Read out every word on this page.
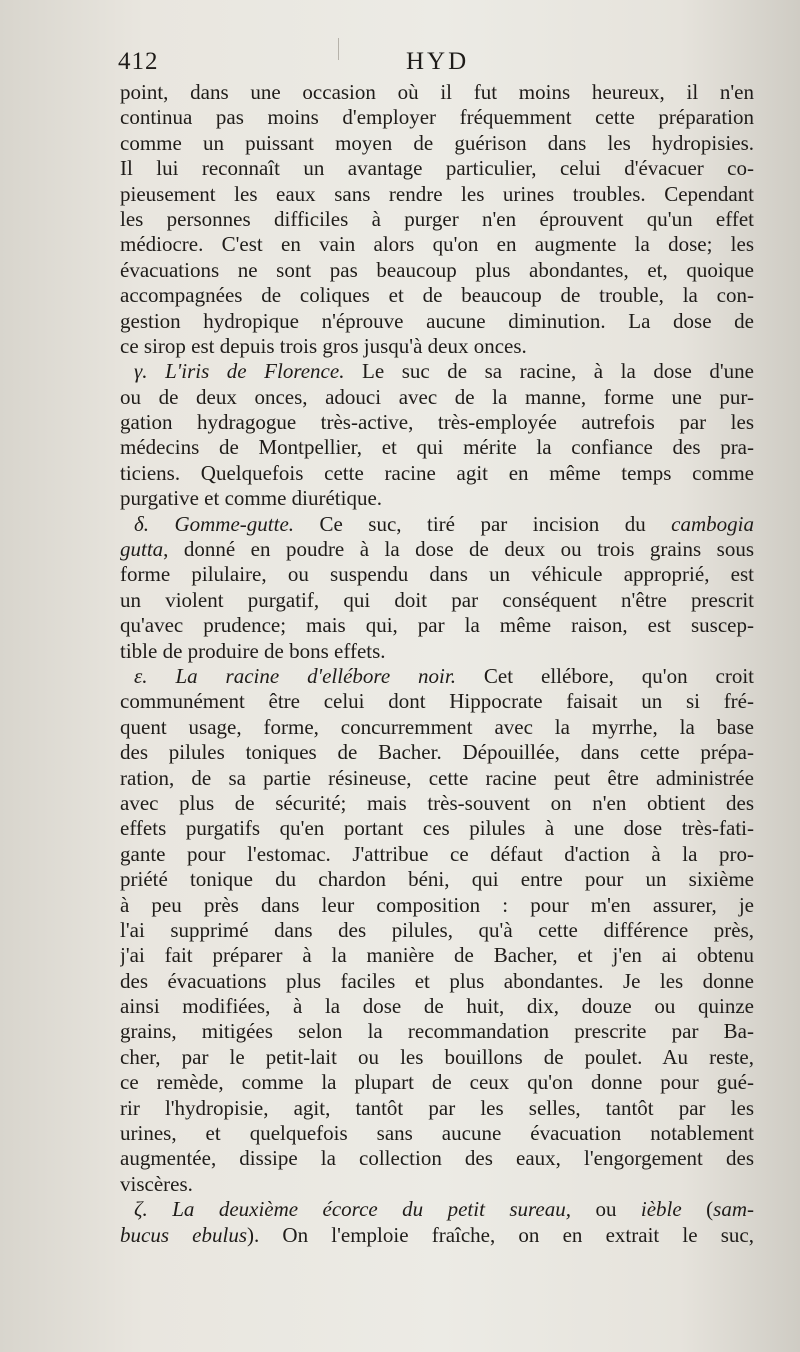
412	HYD
point, dans une occasion où il fut moins heureux, il n'en
continua pas moins d'employer fréquemment cette préparation
comme un puissant moyen de guérison dans les hydropisies.
Il lui reconnaît un avantage particulier, celui d'évacuer co-
pieusement les eaux sans rendre les urines troubles. Cependant
les personnes difficiles à purger n'en éprouvent qu'un effet
médiocre. C'est en vain alors qu'on en augmente la dose; les
évacuations ne sont pas beaucoup plus abondantes, et, quoique
accompagnées de coliques et de beaucoup de trouble, la con-
gestion hydropique n'éprouve aucune diminution. La dose de
ce sirop est depuis trois gros jusqu'à deux onces.
γ. L'iris de Florence. Le suc de sa racine, à la dose d'une
ou de deux onces, adouci avec de la manne, forme une pur-
gation hydragogue très-active, très-employée autrefois par les
médecins de Montpellier, et qui mérite la confiance des pra-
ticiens. Quelquefois cette racine agit en même temps comme
purgative et comme diurétique.
δ. Gomme-gutte. Ce suc, tiré par incision du cambogia
gutta, donné en poudre à la dose de deux ou trois grains sous
forme pilulaire, ou suspendu dans un véhicule approprié, est
un violent purgatif, qui doit par conséquent n'être prescrit
qu'avec prudence; mais qui, par la même raison, est suscep-
tible de produire de bons effets.
ε. La racine d'ellébore noir. Cet ellébore, qu'on croit
communément être celui dont Hippocrate faisait un si fré-
quent usage, forme, concurremment avec la myrrhe, la base
des pilules toniques de Bacher. Dépouillée, dans cette prépa-
ration, de sa partie résineuse, cette racine peut être administrée
avec plus de sécurité; mais très-souvent on n'en obtient des
effets purgatifs qu'en portant ces pilules à une dose très-fati-
gante pour l'estomac. J'attribue ce défaut d'action à la pro-
priété tonique du chardon béni, qui entre pour un sixième
à peu près dans leur composition : pour m'en assurer, je
l'ai supprimé dans des pilules, qu'à cette différence près,
j'ai fait préparer à la manière de Bacher, et j'en ai obtenu
des évacuations plus faciles et plus abondantes. Je les donne
ainsi modifiées, à la dose de huit, dix, douze ou quinze
grains, mitigées selon la recommandation prescrite par Ba-
cher, par le petit-lait ou les bouillons de poulet. Au reste,
ce remède, comme la plupart de ceux qu'on donne pour gué-
rir l'hydropisie, agit, tantôt par les selles, tantôt par les
urines, et quelquefois sans aucune évacuation notablement
augmentée, dissipe la collection des eaux, l'engorgement des
viscères.
ζ. La deuxième écorce du petit sureau, ou ièble (sam-
bucus ebulus). On l'emploie fraîche, on en extrait le suc,
